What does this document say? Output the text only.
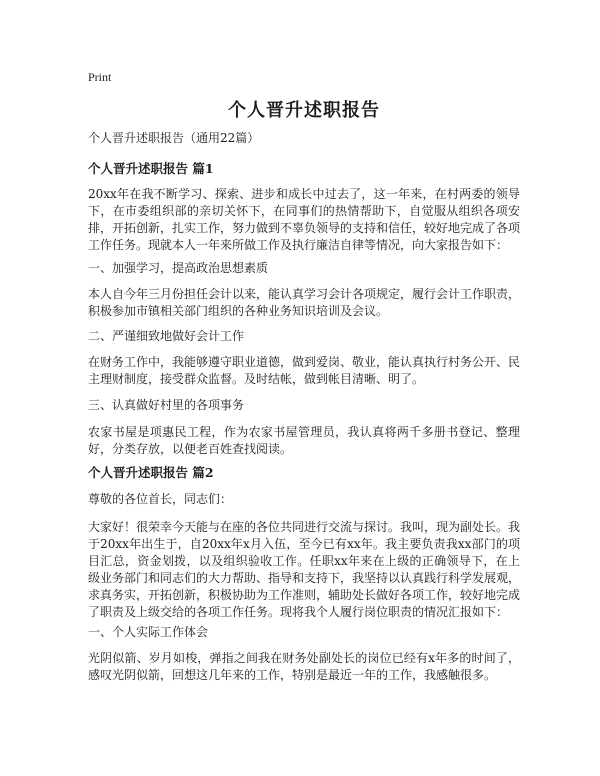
Print
个人晋升述职报告

个人晋升述职报告（通用22篇）

个人晋升述职报告 篇1

20xx年在我不断学习、探索、进步和成长中过去了，这一年来，在村两委的领导下，在市委组织部的亲切关怀下，在同事们的热情帮助下，自觉服从组织各项安排，开拓创新，扎实工作，努力做到不辜负领导的支持和信任，较好地完成了各项工作任务。现就本人一年来所做工作及执行廉洁自律等情况，向大家报告如下：

一、加强学习，提高政治思想素质

本人自今年三月份担任会计以来，能认真学习会计各项规定，履行会计工作职责，积极参加市镇相关部门组织的各种业务知识培训及会议。

二、严谨细致地做好会计工作

在财务工作中，我能够遵守职业道德，做到爱岗、敬业，能认真执行村务公开、民主理财制度，接受群众监督。及时结帐，做到帐目清晰、明了。

三、认真做好村里的各项事务

农家书屋是项惠民工程，作为农家书屋管理员，我认真将两千多册书登记、整理好，分类存放，以便老百姓查找阅读。

个人晋升述职报告 篇2

尊敬的各位首长，同志们：

大家好！很荣幸今天能与在座的各位共同进行交流与探讨。我叫，现为副处长。我于20xx年出生于，自20xx年x月入伍，至今已有xx年。我主要负责我xx部门的项目汇总，资金划拨，以及组织验收工作。任职xx年来在上级的正确领导下，在上级业务部门和同志们的大力帮助、指导和支持下，我坚持以认真践行科学发展观，求真务实，开拓创新，积极协助为工作准则，辅助处长做好各项工作，较好地完成了职责及上级交给的各项工作任务。现将我个人履行岗位职责的情况汇报如下：

一、个人实际工作体会

光阴似箭、岁月如梭，弹指之间我在财务处副处长的岗位已经有x年多的时间了，感叹光阴似箭，回想这几年来的工作，特别是最近一年的工作，我感触很多。
